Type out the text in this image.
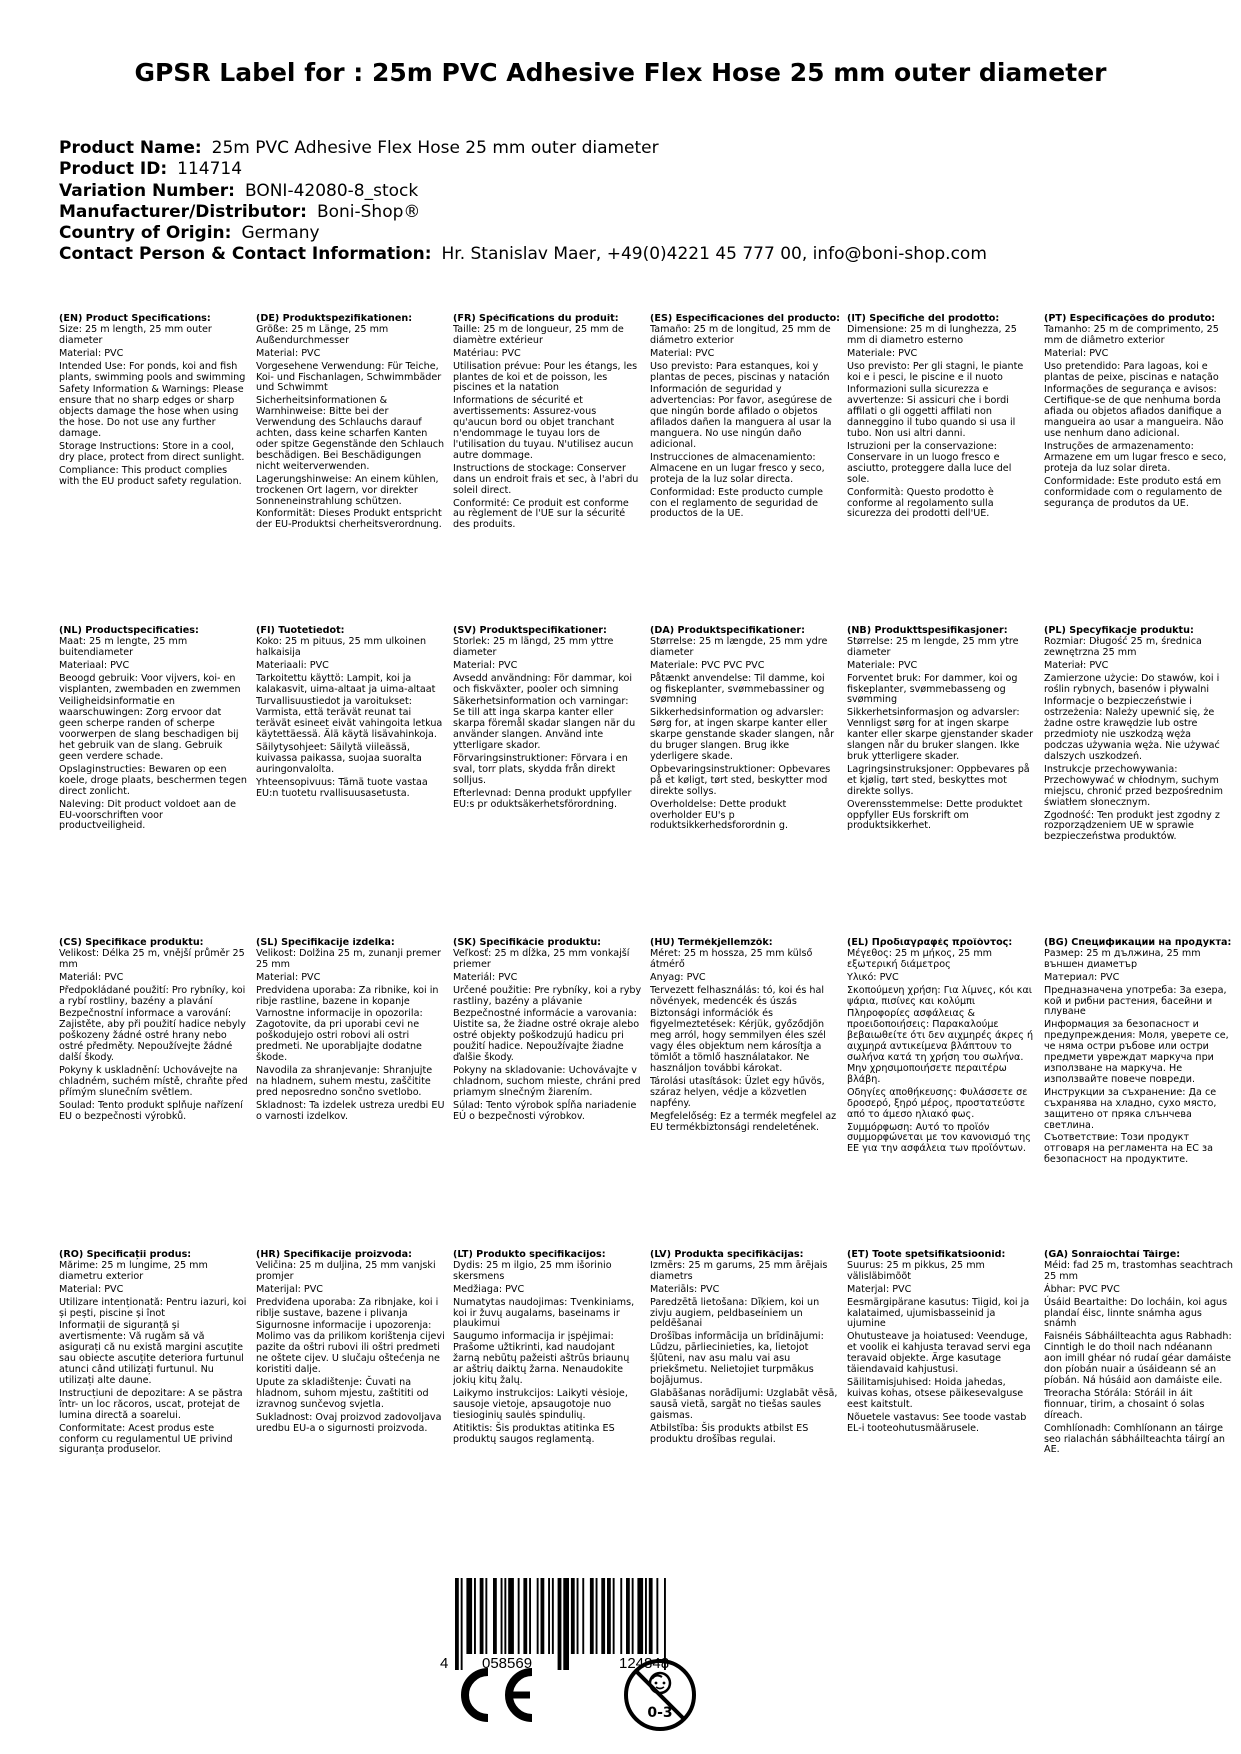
GPSR Label for : 25m PVC Adhesive Flex Hose 25 mm outer diameter
Product Name: 25m PVC Adhesive Flex Hose 25 mm outer diameter
Product ID: 114714
Variation Number: BONI-42080-8_stock
Manufacturer/Distributor: Boni-Shop®
Country of Origin: Germany
Contact Person & Contact Information: Hr. Stanislav Maer, +49(0)4221 45 777 00, info@boni-shop.com
(EN) Product Specifications:
Size: 25 m length, 25 mm outer diameter
Material: PVC
Intended Use: For ponds, koi and fish plants, swimming pools and swimming
Safety Information & Warnings: Please ensure that no sharp edges or sharp objects damage the hose when using the hose. Do not use any further damage.
Storage Instructions: Store in a cool, dry place, protect from direct sunlight.
Compliance: This product complies with the EU product safety regulation.
(DE) Produktspezifikationen:
Größe: 25 m Länge, 25 mm Außendurchmesser
Material: PVC
Vorgesehene Verwendung: Für Teiche, Koi- und Fischanlagen, Schwimmbäder und Schwimmt
Sicherheitsinformationen & Warnhinweise: Bitte bei der Verwendung des Schlauchs darauf achten, dass keine scharfen Kanten oder spitze Gegenstände den Schlauch beschädigen. Bei Beschädigungen nicht weiterverwenden.
Lagerungshinweise: An einem kühlen, trockenen Ort lagern, vor direkter Sonneneinstrahlung schützen.
Konformität: Dieses Produkt entspricht der EU-Produktsi cherheitsverordnung.
(FR) Spécifications du produit:
Taille: 25 m de longueur, 25 mm de diamètre extérieur
Matériau: PVC
Utilisation prévue: Pour les étangs, les plantes de koi et de poisson, les piscines et la natation
Informations de sécurité et avertissements: Assurez-vous qu'aucun bord ou objet tranchant n'endommage le tuyau lors de l'utilisation du tuyau. N'utilisez aucun autre dommage.
Instructions de stockage: Conserver dans un endroit frais et sec, à l'abri du soleil direct.
Conformité: Ce produit est conforme au règlement de l'UE sur la sécurité des produits.
(ES) Especificaciones del producto:
Tamaño: 25 m de longitud, 25 mm de diámetro exterior
Material: PVC
Uso previsto: Para estanques, koi y plantas de peces, piscinas y natación
Información de seguridad y advertencias: Por favor, asegúrese de que ningún borde afilado o objetos afilados dañen la manguera al usar la manguera. No use ningún daño adicional.
Instrucciones de almacenamiento: Almacene en un lugar fresco y seco, proteja de la luz solar directa.
Conformidad: Este producto cumple con el reglamento de seguridad de productos de la UE.
(IT) Specifiche del prodotto:
Dimensione: 25 m di lunghezza, 25 mm di diametro esterno
Materiale: PVC
Uso previsto: Per gli stagni, le piante koi e i pesci, le piscine e il nuoto
Informazioni sulla sicurezza e avvertenze: Si assicuri che i bordi affilati o gli oggetti affilati non danneggino il tubo quando si usa il tubo. Non usi altri danni.
Istruzioni per la conservazione: Conservare in un luogo fresco e asciutto, proteggere dalla luce del sole.
Conformità: Questo prodotto è conforme al regolamento sulla sicurezza dei prodotti dell'UE.
(PT) Especificações do produto:
Tamanho: 25 m de comprimento, 25 mm de diâmetro exterior
Material: PVC
Uso pretendido: Para lagoas, koi e plantas de peixe, piscinas e natação
Informações de segurança e avisos: Certifique-se de que nenhuma borda afiada ou objetos afiados danifique a mangueira ao usar a mangueira. Não use nenhum dano adicional.
Instruções de armazenamento: Armazene em um lugar fresco e seco, proteja da luz solar direta.
Conformidade: Este produto está em conformidade com o regulamento de segurança de produtos da UE.
(NL) Productspecificaties:
Maat: 25 m lengte, 25 mm buitendiameter
Materiaal: PVC
Beoogd gebruik: Voor vijvers, koi- en visplanten, zwembaden en zwemmen
Veiligheidsinformatie en waarschuwingen: Zorg ervoor dat geen scherpe randen of scherpe voorwerpen de slang beschadigen bij het gebruik van de slang. Gebruik geen verdere schade.
Opslaginstructies: Bewaren op een koele, droge plaats, beschermen tegen direct zonlicht.
Naleving: Dit product voldoet aan de EU-voorschriften voor productveiligheid.
(FI) Tuotetiedot:
Koko: 25 m pituus, 25 mm ulkoinen halkaisija
Materiaali: PVC
Tarkoitettu käyttö: Lampit, koi ja kalakasvit, uima-altaat ja uima-altaat
Turvallisuustiedot ja varoitukset: Varmista, että terävät reunat tai terävät esineet eivät vahingoita letkua käytettäessä. Älä käytä lisävahinkoja.
Säilytysohjeet: Säilytä viileässä, kuivassa paikassa, suojaa suoralta auringonvalolta.
Yhteensopivuus: Tämä tuote vastaa EU:n tuotetu rvallisuusasetusta.
(SV) Produktspecifikationer:
Storlek: 25 m längd, 25 mm yttre diameter
Material: PVC
Avsedd användning: För dammar, koi och fiskväxter, pooler och simning
Säkerhetsinformation och varningar: Se till att inga skarpa kanter eller skarpa föremål skadar slangen när du använder slangen. Använd inte ytterligare skador.
Förvaringsinstruktioner: Förvara i en sval, torr plats, skydda från direkt solljus.
Efterlevnad: Denna produkt uppfyller EU:s pr oduktsäkerhetsförordning.
(DA) Produktspecifikationer:
Størrelse: 25 m længde, 25 mm ydre diameter
Materiale: PVC PVC PVC
Påtænkt anvendelse: Til damme, koi og fiskeplanter, svømmebassiner og svømning
Sikkerhedsinformation og advarsler: Sørg for, at ingen skarpe kanter eller skarpe genstande skader slangen, når du bruger slangen. Brug ikke yderligere skade.
Opbevaringsinstruktioner: Opbevares på et køligt, tørt sted, beskytter mod direkte sollys.
Overholdelse: Dette produkt overholder EU's p roduktsikkerhedsforordnin g.
(NB) Produkttspesifikasjoner:
Størrelse: 25 m lengde, 25 mm ytre diameter
Materiale: PVC
Forventet bruk: For dammer, koi og fiskeplanter, svømmebasseng og svømming
Sikkerhetsinformasjon og advarsler: Vennligst sørg for at ingen skarpe kanter eller skarpe gjenstander skader slangen når du bruker slangen. Ikke bruk ytterligere skader.
Lagringsinstruksjoner: Oppbevares på et kjølig, tørt sted, beskyttes mot direkte sollys.
Overensstemmelse: Dette produktet oppfyller EUs forskrift om produktsikkerhet.
(PL) Specyfikacje produktu:
Rozmiar: Długość 25 m, średnica zewnętrzna 25 mm
Materiał: PVC
Zamierzone użycie: Do stawów, koi i roślin rybnych, basenów i pływalni
Informacje o bezpieczeństwie i ostrzeżenia: Należy upewnić się, że żadne ostre krawędzie lub ostre przedmioty nie uszkodzą węża podczas używania węża. Nie używać dalszych uszkodzeń.
Instrukcje przechowywania: Przechowywać w chłodnym, suchym miejscu, chronić przed bezpośrednim światłem słonecznym.
Zgodność: Ten produkt jest zgodny z rozporządzeniem UE w sprawie bezpieczeństwa produktów.
(CS) Specifikace produktu:
Velikost: Délka 25 m, vnější průměr 25 mm
Materiál: PVC
Předpokládané použití: Pro rybníky, koi a rybí rostliny, bazény a plavání
Bezpečnostní informace a varování: Zajistěte, aby při použití hadice nebyly poškozeny žádné ostré hrany nebo ostré předměty. Nepoužívejte žádné další škody.
Pokyny k uskladnění: Uchovávejte na chladném, suchém místě, chraňte před přímým slunečním světlem.
Soulad: Tento produkt splňuje nařízení EU o bezpečnosti výrobků.
(SL) Specifikacije izdelka:
Velikost: Dolžina 25 m, zunanji premer 25 mm
Material: PVC
Predvidena uporaba: Za ribnike, koi in ribje rastline, bazene in kopanje
Varnostne informacije in opozorila: Zagotovite, da pri uporabi cevi ne poškodujejo ostri robovi ali ostri predmeti. Ne uporabljajte dodatne škode.
Navodila za shranjevanje: Shranjujte na hladnem, suhem mestu, zaščitite pred neposredno sončno svetlobo.
Skladnost: Ta izdelek ustreza uredbi EU o varnosti izdelkov.
(SK) Špecifikácie produktu:
Veľkosť: 25 m dĺžka, 25 mm vonkajší priemer
Materiál: PVC
Určené použitie: Pre rybníky, koi a ryby rastliny, bazény a plávanie
Bezpečnostné informácie a varovania: Uistite sa, že žiadne ostré okraje alebo ostré objekty poškodzujú hadicu pri použití hadice. Nepoužívajte žiadne ďalšie škody.
Pokyny na skladovanie: Uchovávajte v chladnom, suchom mieste, chráni pred priamym slnečným žiarením.
Súlad: Tento výrobok spĺňa nariadenie EÚ o bezpečnosti výrobkov.
(HU) Termékjellemzők:
Méret: 25 m hossza, 25 mm külső átmérő
Anyag: PVC
Tervezett felhasználás: tó, koi és hal növények, medencék és úszás
Biztonsági információk és figyelmeztetések: Kérjük, győződjön meg arról, hogy semmilyen éles szél vagy éles objektum nem károsítja a tömlőt a tömlő használatakor. Ne használjon további károkat.
Tárolási utasítások: Üzlet egy hűvös, száraz helyen, védje a közvetlen napfény.
Megfelelőség: Ez a termék megfelel az EU termékbiztonsági rendeletének.
(EL) Προδιαγραφές προϊόντος:
Μέγεθος: 25 m μήκος, 25 mm εξωτερική διάμετρος
Υλικό: PVC
Σκοπούμενη χρήση: Για λίμνες, κόι και ψάρια, πισίνες και κολύμπι
Πληροφορίες ασφάλειας & προειδοποιήσεις: Παρακαλούμε βεβαιωθείτε ότι δεν αιχμηρές άκρες ή αιχμηρά αντικείμενα βλάπτουν το σωλήνα κατά τη χρήση του σωλήνα. Μην χρησιμοποιήσετε περαιτέρω βλάβη.
Οδηγίες αποθήκευσης: Φυλάσσετε σε δροσερό, ξηρό μέρος, προστατεύστε από το άμεσο ηλιακό φως.
Συμμόρφωση: Αυτό το προϊόν συμμορφώνεται με τον κανονισμό της ΕΕ για την ασφάλεια των προϊόντων.
(BG) Спецификации на продукта:
Размер: 25 m дължина, 25 mm външен диаметър
Материал: PVC
Предназначена употреба: За езера, кой и рибни растения, басейни и плуване
Информация за безопасност и предупреждения: Моля, уверете се, че няма остри ръбове или остри предмети увреждат маркуча при използване на маркуча. Не използвайте повече повреди.
Инструкции за съхранение: Да се съхранява на хладно, сухо място, защитено от пряка слънчева светлина.
Съответствие: Този продукт отговаря на регламента на ЕС за безопасност на продуктите.
(RO) Specificații produs:
Mărime: 25 m lungime, 25 mm diametru exterior
Material: PVC
Utilizare intenționată: Pentru iazuri, koi și pești, piscine și înot
Informații de siguranță și avertismente: Vă rugăm să vă asigurați că nu există margini ascuțite sau obiecte ascuțite deteriora furtunul atunci când utilizați furtunul. Nu utilizați alte daune.
Instrucțiuni de depozitare: A se păstra într- un loc răcoros, uscat, protejat de lumina directă a soarelui.
Conformitate: Acest produs este conform cu regulamentul UE privind siguranța produselor.
(HR) Specifikacije proizvoda:
Veličina: 25 m duljina, 25 mm vanjski promjer
Materijal: PVC
Predviđena uporaba: Za ribnjake, koi i riblje sustave, bazene i plivanja
Sigurnosne informacije i upozorenja: Molimo vas da prilikom korištenja cijevi pazite da oštri rubovi ili oštri predmeti ne oštete cijev. U slučaju oštećenja ne koristiti dalje.
Upute za skladištenje: Čuvati na hladnom, suhom mjestu, zaštititi od izravnog sunčevog svjetla.
Sukladnost: Ovaj proizvod zadovoljava uredbu EU-a o sigurnosti proizvoda.
(LT) Produkto specifikacijos:
Dydis: 25 m ilgio, 25 mm išorinio skersmens
Medžiaga: PVC
Numatytas naudojimas: Tvenkiniams, koi ir žuvų augalams, baseinams ir plaukimui
Saugumo informacija ir įspėjimai: Prašome užtikrinti, kad naudojant žarną nebūtų pažeisti aštrūs briaunų ar aštrių daiktų žarna. Nenaudokite jokių kitų žalų.
Laikymo instrukcijos: Laikyti vėsioje, sausoje vietoje, apsaugotoje nuo tiesioginių saulės spindulių.
Atitiktis: Šis produktas atitinka ES produktų saugos reglamentą.
(LV) Produkta specifikācijas:
Izmērs: 25 m garums, 25 mm ārējais diametrs
Materiāls: PVC
Paredzētā lietošana: Dīķiem, koi un zivju augiem, peldbaseiniem un peldēšanai
Drošības informācija un brīdinājumi: Lūdzu, pārliecinieties, ka, lietojot šļūteni, nav asu malu vai asu priekšmetu. Nelietojiet turpmākus bojājumus.
Glabāšanas norādījumi: Uzglabāt vēsā, sausā vietā, sargāt no tiešas saules gaismas.
Atbilstība: Šis produkts atbilst ES produktu drošības regulai.
(ET) Toote spetsifikatsioonid:
Suurus: 25 m pikkus, 25 mm välisläbimõõt
Materjal: PVC
Eesmärgipärane kasutus: Tiigid, koi ja kalataimed, ujumisbasseinid ja ujumine
Ohutusteave ja hoiatused: Veenduge, et voolik ei kahjusta teravad servi ega teravaid objekte. Ärge kasutage täiendavaid kahjustusi.
Säilitamisjuhised: Hoida jahedas, kuivas kohas, otsese päikesevalguse eest kaitstult.
Nõuetele vastavus: See toode vastab EL-i tooteohutusmäärusele.
(GA) Sonraíochtaí Táirge:
Méid: fad 25 m, trastomhas seachtrach 25 mm
Ábhar: PVC PVC
Úsáid Beartaithe: Do locháin, koi agus plandaí éisc, linnte snámha agus snámh
Faisnéis Sábháilteachta agus Rabhadh: Cinntigh le do thoil nach ndéanann aon imill ghéar nó rudaí géar damáiste don píobán nuair a úsáideann sé an píobán. Ná húsáid aon damáiste eile.
Treoracha Stórála: Stóráil in áit fionnuar, tirim, a chosaint ó solas díreach.
Comhlíonadh: Comhlíonann an táirge seo rialachán sábháilteachta táirgí an AE.
4 058569	124848
0-3
